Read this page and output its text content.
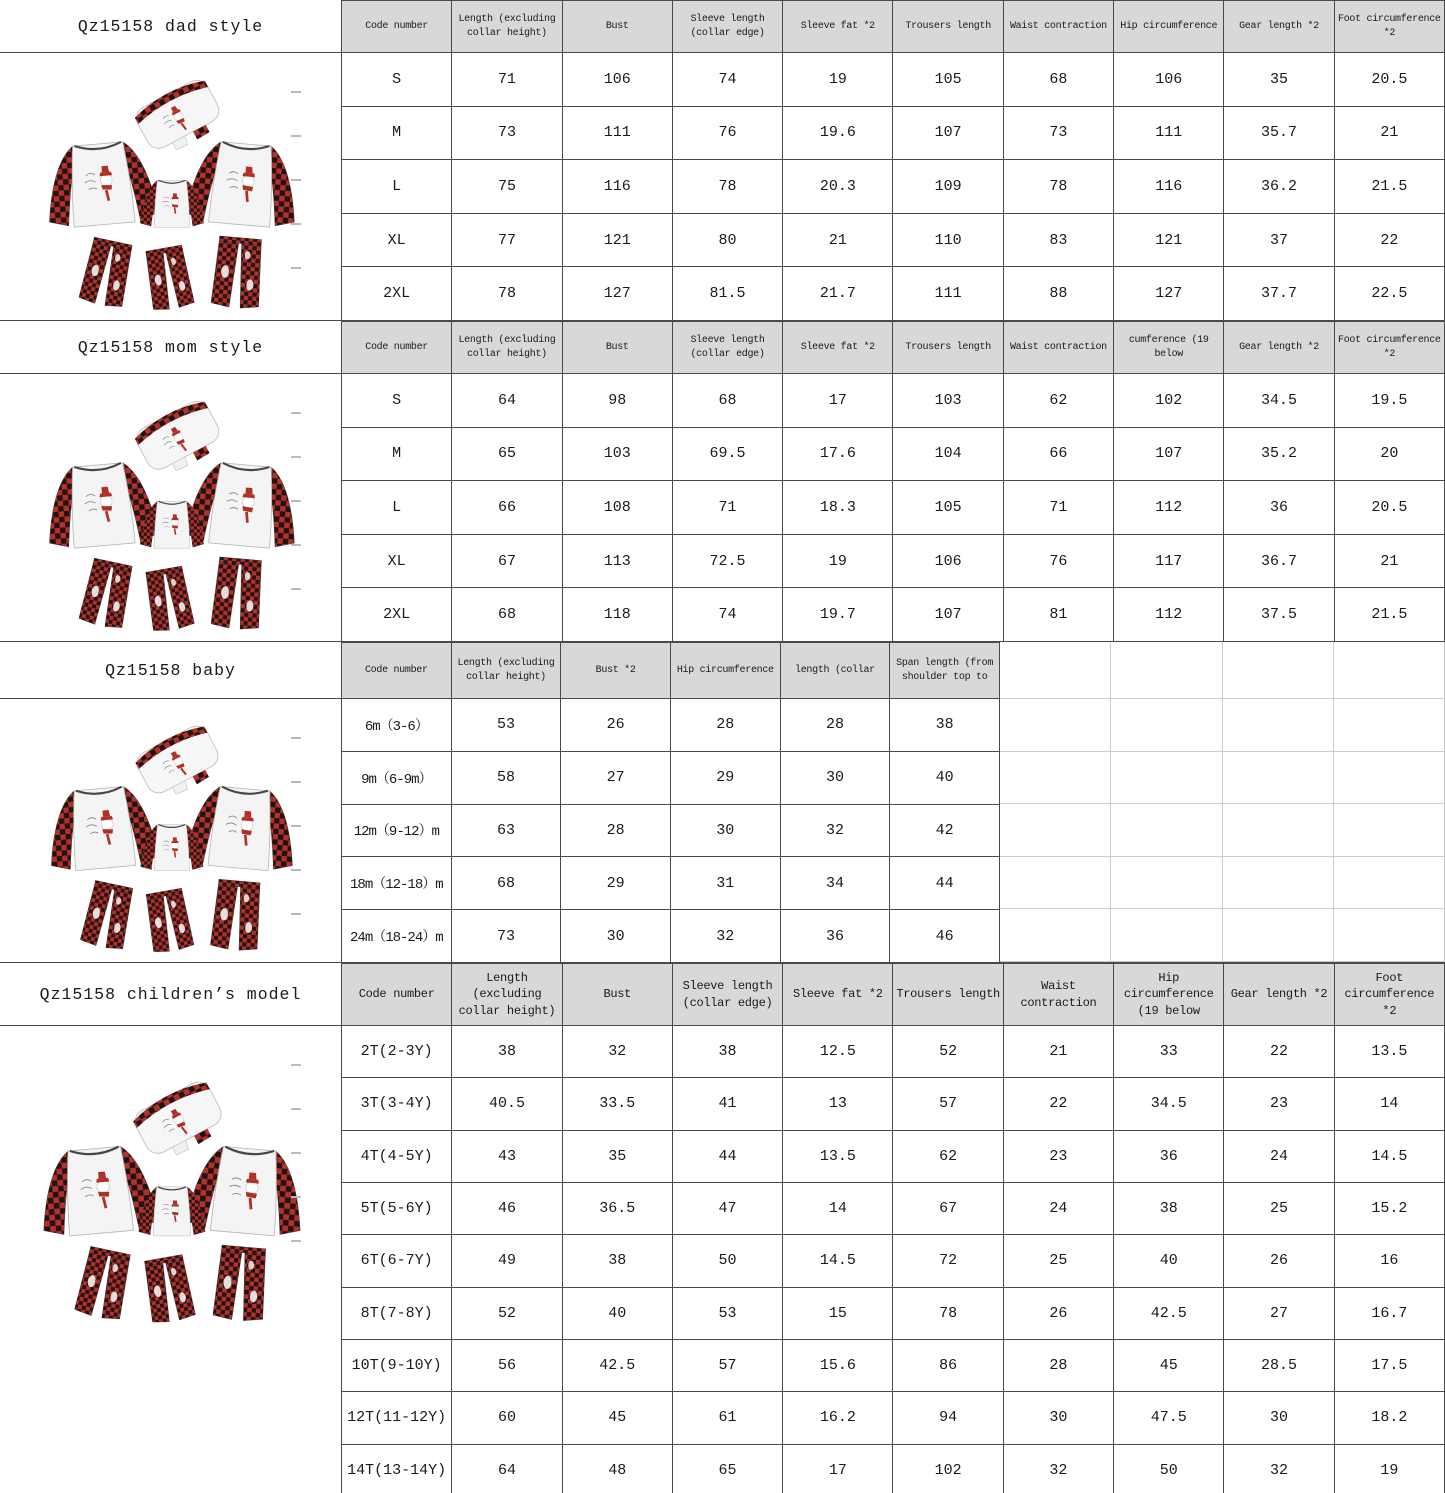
Qz15158 dad style	Code number	Length (excluding collar height)	Bust	Sleeve length (collar edge)	Sleeve fat *2	Trousers length	Waist contraction	Hip circumference	Gear length *2	Foot circumference *2
S	71	106	74	19	105	68	106	35	20.5
M	73	111	76	19.6	107	73	111	35.7	21
L	75	116	78	20.3	109	78	116	36.2	21.5
XL	77	121	80	21	110	83	121	37	22
2XL	78	127	81.5	21.7	111	88	127	37.7	22.5
Qz15158 mom style	Code number	Length (excluding collar height)	Bust	Sleeve length (collar edge)	Sleeve fat *2	Trousers length	Waist contraction	cumference (19 below	Gear length *2	Foot circumference *2
S	64	98	68	17	103	62	102	34.5	19.5
M	65	103	69.5	17.6	104	66	107	35.2	20
L	66	108	71	18.3	105	71	112	36	20.5
XL	67	113	72.5	19	106	76	117	36.7	21
2XL	68	118	74	19.7	107	81	112	37.5	21.5
Qz15158 baby	Code number	Length (excluding collar height)	Bust *2	Hip circumference	length (collar	Span length (from shoulder top to
6m（3-6）	53	26	28	28	38
9m（6-9m）	58	27	29	30	40
12m（9-12）m	63	28	30	32	42
18m（12-18）m	68	29	31	34	44
24m（18-24）m	73	30	32	36	46
Qz15158 children’s model	Code number	Length (excluding collar height)	Bust	Sleeve length (collar edge)	Sleeve fat *2	Trousers length	Waist contraction	Hip circumference (19 below	Gear length *2	Foot circumference *2
2T(2-3Y)	38	32	38	12.5	52	21	33	22	13.5
3T(3-4Y)	40.5	33.5	41	13	57	22	34.5	23	14
4T(4-5Y)	43	35	44	13.5	62	23	36	24	14.5
5T(5-6Y)	46	36.5	47	14	67	24	38	25	15.2
6T(6-7Y)	49	38	50	14.5	72	25	40	26	16
8T(7-8Y)	52	40	53	15	78	26	42.5	27	16.7
10T(9-10Y)	56	42.5	57	15.6	86	28	45	28.5	17.5
12T(11-12Y)	60	45	61	16.2	94	30	47.5	30	18.2
14T(13-14Y)	64	48	65	17	102	32	50	32	19
